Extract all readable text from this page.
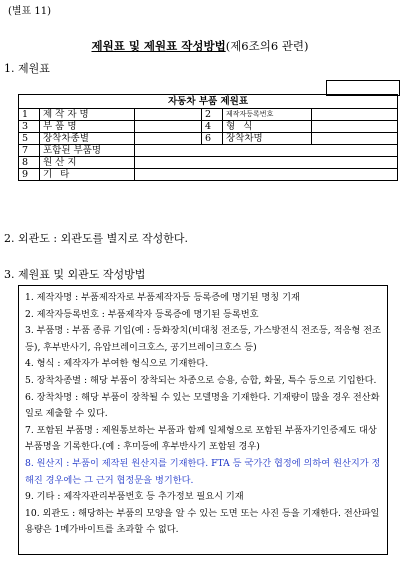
(별표 11)
제원표 및 제원표 작성방법(제6조의6 관련)
1. 제원표
자동차 부품 제원표					
1	제작자명		2	제작자등록번호	
3	부품명		4	형식	
5	장착차종별		6	장착차명	
7	포함된 부품명				
8	원산지				
9	기타				
2. 외관도 : 외관도를 별지로 작성한다.
3. 제원표 및 외관도 작성방법

1. 제작자명 : 부품제작자로 부품제작자등 등록증에 명기된 명칭 기재

2. 제작자등록번호 : 부품제작자 등록증에 명기된 등록번호

3. 부품명 : 부품 종류 기입(예 : 등화장치(비대칭 전조등, 가스방전식 전조등, 적응형 전조등), 후부반사기, 유압브레이크호스, 공기브레이크호스 등)

4. 형식 : 제작자가 부여한 형식으로 기재한다.

5. 장착차종별 : 해당 부품이 장착되는 차종으로 승용, 승합, 화물, 특수 등으로 기입한다.

6. 장착차명 : 해당 부품이 장착될 수 있는 모델명을 기재한다. 기재량이 많을 경우 전산화일로 제출할 수 있다.

7. 포함된 부품명 : 제원통보하는 부품과 함께 일체형으로 포함된 부품자기인증제도 대상 부품명을 기록한다.(예 : 후미등에 후부반사기 포함된 경우)

8. 원산지 : 부품이 제작된 원산지를 기재한다. FTA 등 국가간 협정에 의하여 원산지가 정해진 경우에는 그 근거 협정문을 병기한다.

9. 기타 : 제작자관리부품번호 등 추가정보 필요시 기재

10. 외관도 : 해당하는 부품의 모양을 알 수 있는 도면 또는 사진 등을 기재한다. 전산파일 용량은 1메가바이트를 초과할 수 없다.
